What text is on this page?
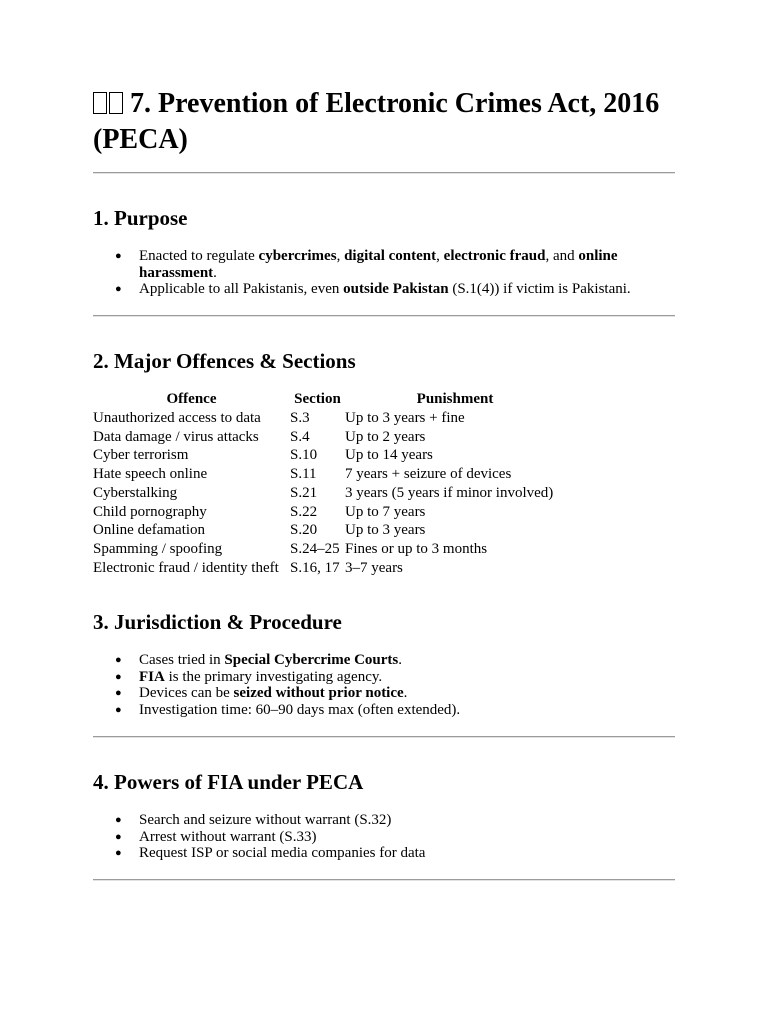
7. Prevention of Electronic Crimes Act, 2016 (PECA)
1. Purpose
● Enacted to regulate cybercrimes, digital content, electronic fraud, and online harassment.
● Applicable to all Pakistanis, even outside Pakistan (S.1(4)) if victim is Pakistani.
2. Major Offences & Sections
Offence	Section	Punishment
Unauthorized access to data	S.3	Up to 3 years + fine
Data damage / virus attacks	S.4	Up to 2 years
Cyber terrorism	S.10	Up to 14 years
Hate speech online	S.11	7 years + seizure of devices
Cyberstalking	S.21	3 years (5 years if minor involved)
Child pornography	S.22	Up to 7 years
Online defamation	S.20	Up to 3 years
Spamming / spoofing	S.24–25	Fines or up to 3 months
Electronic fraud / identity theft	S.16, 17	3–7 years
3. Jurisdiction & Procedure
● Cases tried in Special Cybercrime Courts.
● FIA is the primary investigating agency.
● Devices can be seized without prior notice.
● Investigation time: 60–90 days max (often extended).
4. Powers of FIA under PECA
● Search and seizure without warrant (S.32)
● Arrest without warrant (S.33)
● Request ISP or social media companies for data
